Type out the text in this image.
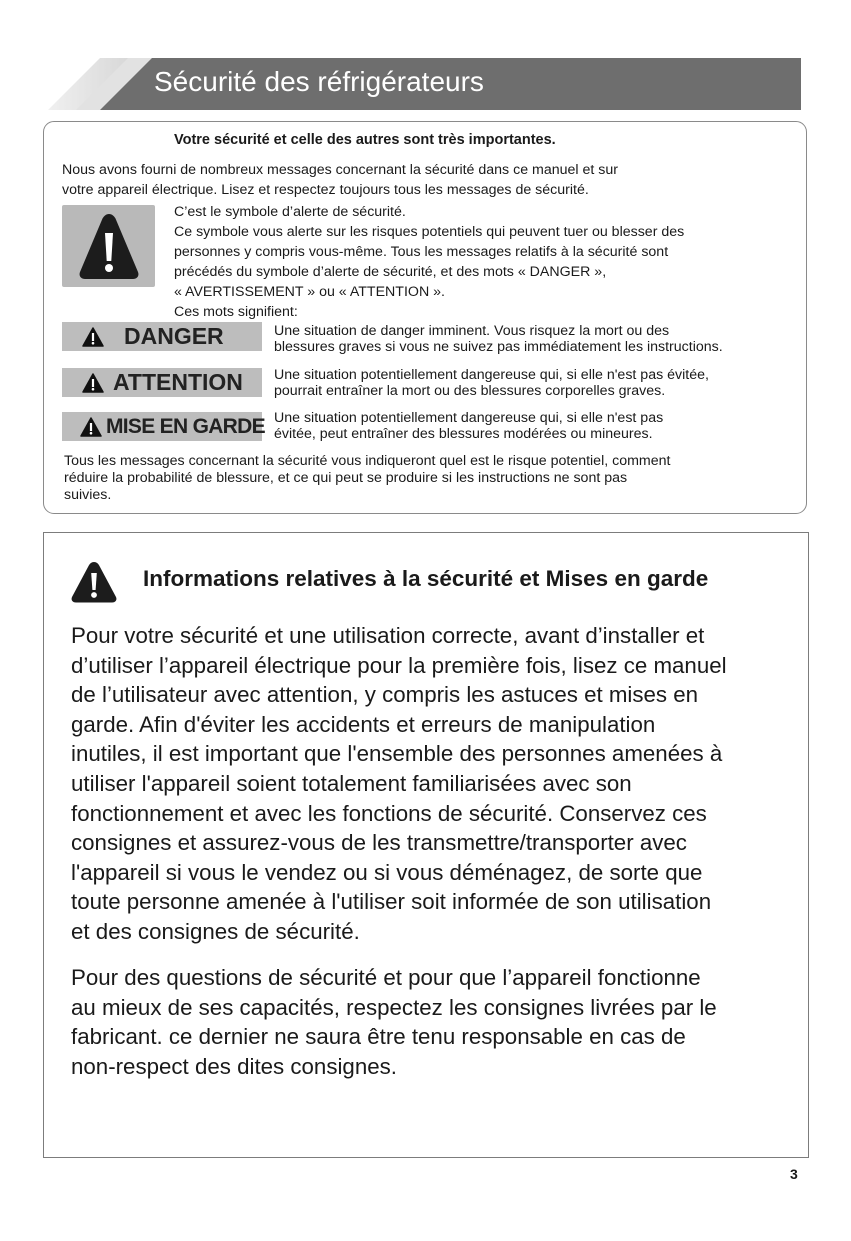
Sécurité des réfrigérateurs
Votre sécurité et celle des autres sont très importantes.
Nous avons fourni de nombreux messages concernant la sécurité dans ce manuel et sur
votre appareil électrique. Lisez et respectez toujours tous les messages de sécurité.
C’est le symbole d’alerte de sécurité.
Ce symbole vous alerte sur les risques potentiels qui peuvent tuer ou blesser des
personnes y compris vous-même. Tous les messages relatifs à la sécurité sont
précédés du symbole d’alerte de sécurité, et des mots « DANGER »,
« AVERTISSEMENT » ou « ATTENTION ».
Ces mots signifient:
DANGER	Une situation de danger imminent. Vous risquez la mort ou des
blessures graves si vous ne suivez pas immédiatement les instructions.
ATTENTION Une situation potentiellement dangereuse qui, si elle n'est pas évitée,
pourrait entraîner la mort ou des blessures corporelles graves.
MISE EN GARDE Une situation potentiellement dangereuse qui, si elle n'est pas
évitée, peut entraîner des blessures modérées ou mineures.
Tous les messages concernant la sécurité vous indiqueront quel est le risque potentiel, comment
réduire la probabilité de blessure, et ce qui peut se produire si les instructions ne sont pas
suivies.
Informations relatives à la sécurité et Mises en garde
Pour votre sécurité et une utilisation correcte, avant d’installer et
d’utiliser l’appareil électrique pour la première fois, lisez ce manuel
de l’utilisateur avec attention, y compris les astuces et mises en
garde. Afin d'éviter les accidents et erreurs de manipulation
inutiles, il est important que l'ensemble des personnes amenées à
utiliser l'appareil soient totalement familiarisées avec son
fonctionnement et avec les fonctions de sécurité. Conservez ces
consignes et assurez-vous de les transmettre/transporter avec
l'appareil si vous le vendez ou si vous déménagez, de sorte que
toute personne amenée à l'utiliser soit informée de son utilisation
et des consignes de sécurité.
Pour des questions de sécurité et pour que l’appareil fonctionne
au mieux de ses capacités, respectez les consignes livrées par le
fabricant. ce dernier ne saura être tenu responsable en cas de
non-respect des dites consignes.
3
